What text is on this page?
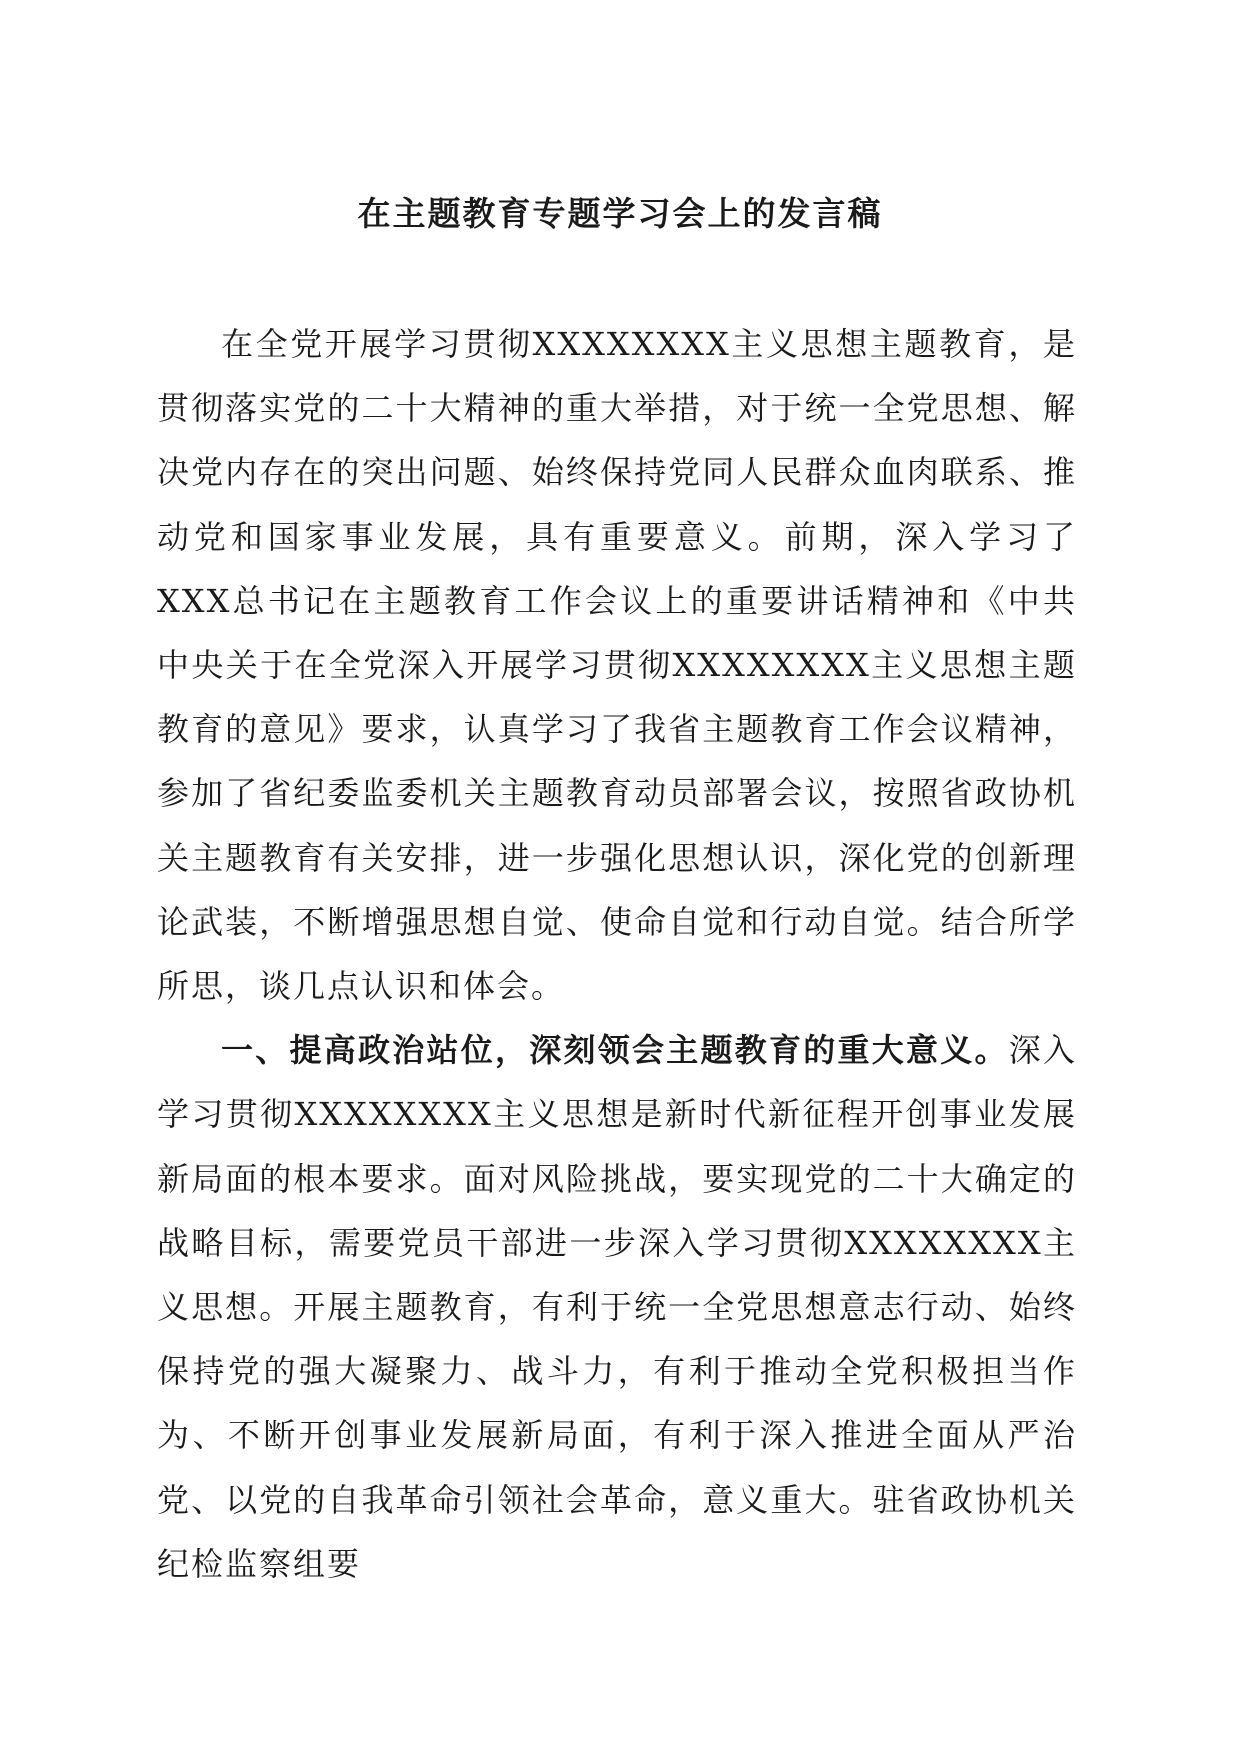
在主题教育专题学习会上的发言稿

在全党开展学习贯彻XXXXXXXX主义思想主题教育，是贯彻落实党的二十大精神的重大举措，对于统一全党思想、解决党内存在的突出问题、始终保持党同人民群众血肉联系、推动党和国家事业发展，具有重要意义。前期，深入学习了XXX总书记在主题教育工作会议上的重要讲话精神和《中共中央关于在全党深入开展学习贯彻XXXXXXXX主义思想主题教育的意见》要求，认真学习了我省主题教育工作会议精神，参加了省纪委监委机关主题教育动员部署会议，按照省政协机关主题教育有关安排，进一步强化思想认识，深化党的创新理论武装，不断增强思想自觉、使命自觉和行动自觉。结合所学所思，谈几点认识和体会。

一、提高政治站位，深刻领会主题教育的重大意义。深入学习贯彻XXXXXXXX主义思想是新时代新征程开创事业发展新局面的根本要求。面对风险挑战，要实现党的二十大确定的战略目标，需要党员干部进一步深入学习贯彻XXXXXXXX主义思想。开展主题教育，有利于统一全党思想意志行动、始终保持党的强大凝聚力、战斗力，有利于推动全党积极担当作为、不断开创事业发展新局面，有利于深入推进全面从严治党、以党的自我革命引领社会革命，意义重大。驻省政协机关纪检监察组要
